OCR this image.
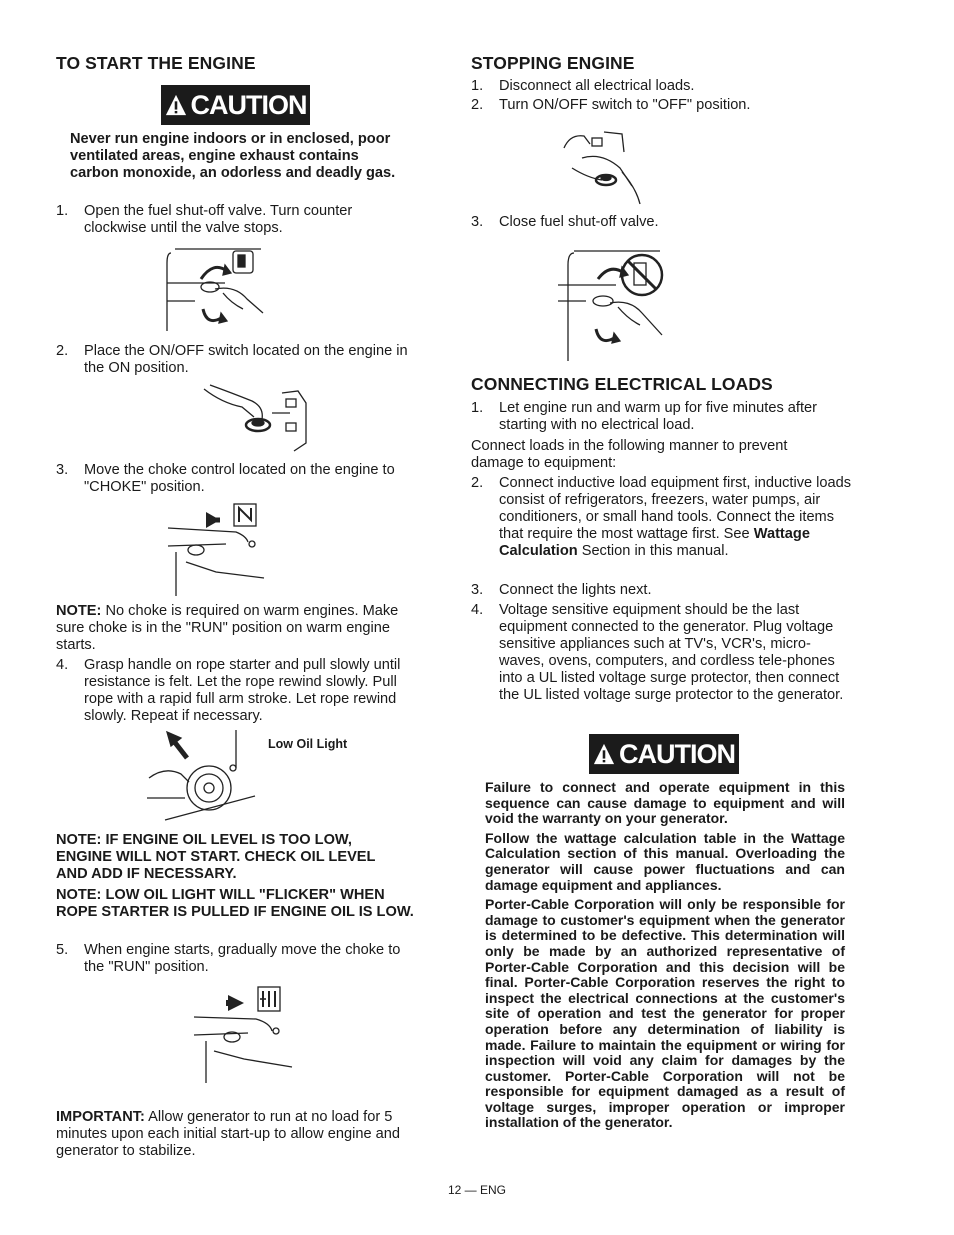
TO START THE ENGINE
CAUTION
Never run engine indoors or in enclosed, poor ventilated areas, engine exhaust contains carbon monoxide, an odorless and deadly gas.
1.	Open the fuel shut-off valve. Turn counter clockwise until the valve stops.
2.	Place the ON/OFF switch located on the engine in the ON position.
3.	Move the choke control located on the engine to "CHOKE" position.
NOTE: No choke is required on warm engines. Make sure choke is in the "RUN" position on warm engine starts.
4.	Grasp handle on rope starter and pull slowly until resistance is felt. Let the rope rewind slowly. Pull rope with a rapid full arm stroke. Let rope rewind slowly. Repeat if necessary.
Low Oil Light
NOTE: IF ENGINE OIL LEVEL IS TOO LOW, ENGINE WILL NOT START. CHECK OIL LEVEL AND ADD IF NECESSARY.
NOTE: LOW OIL LIGHT WILL "FLICKER" WHEN ROPE STARTER IS PULLED IF ENGINE OIL IS LOW.
5.	When engine starts, gradually move the choke to the "RUN" position.
IMPORTANT: Allow generator to run at no load for 5 minutes upon each initial start-up to allow engine and generator to stabilize.
STOPPING ENGINE
1.	Disconnect all electrical loads.
2.	Turn ON/OFF switch to "OFF" position.
3.	Close fuel shut-off valve.
CONNECTING ELECTRICAL LOADS
1.	Let engine run and warm up for five minutes after starting with no electrical load.
Connect loads in the following manner to prevent damage to equipment:
2.	Connect inductive load equipment first, inductive loads consist of refrigerators, freezers, water pumps, air conditioners, or small hand tools. Connect the items that require the most wattage first. See Wattage Calculation Section in this manual.
3.	Connect the lights next.
4.	Voltage sensitive equipment should be the last equipment connected to the generator. Plug voltage sensitive appliances such at TV's, VCR's, micro-waves, ovens, computers, and cordless tele-phones into a UL listed voltage surge protector, then connect the UL listed voltage surge protector to the generator.
CAUTION

Failure to connect and operate equipment in this sequence can cause damage to equipment and will void the warranty on your generator.

Follow the wattage calculation table in the Wattage Calculation section of this manual. Overloading the generator will cause power fluctuations and can damage equipment and appliances.

Porter-Cable Corporation will only be responsible for damage to customer's equipment when the generator is determined to be defective. This determination will only be made by an authorized representative of Porter-Cable Corporation and this decision will be final. Porter-Cable Corporation reserves the right to inspect the electrical connections at the customer's site of operation and test the generator for proper operation before any determination of liability is made. Failure to maintain the equipment or wiring for inspection will void any claim for damages by the customer. Porter-Cable Corporation will not be responsible for equipment damaged as a result of voltage surges, improper operation or improper installation of the generator.

12 — ENG
